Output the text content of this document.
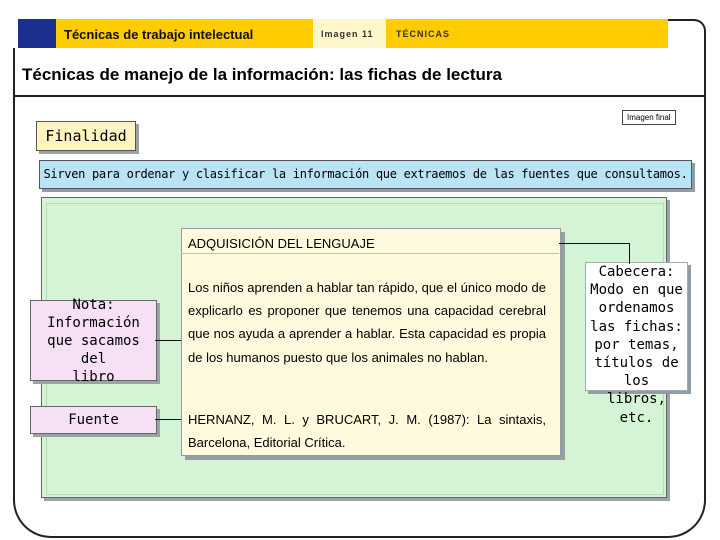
Técnicas de trabajo intelectual	Imagen 11 TÉCNICAS
Técnicas de manejo de la información: las fichas de lectura
Imagen final
Finalidad
Sirven para ordenar y clasificar la información que extraemos de las fuentes que consultamos.
ADQUISICIÓN DEL LENGUAJE
Los niños aprenden a hablar tan rápido, que el único modo de explicarlo es proponer que tenemos una capacidad cerebral que nos ayuda a aprender a hablar. Esta capacidad es propia de los humanos puesto que los animales no hablan.
HERNANZ, M. L. y BRUCART, J. M. (1987): La sintaxis, Barcelona, Editorial Crítica.
Nota:
Información
que sacamos del
libro
Fuente
Cabecera:
Modo en que
ordenamos
las fichas:
por temas,
títulos de los
libros, etc.
